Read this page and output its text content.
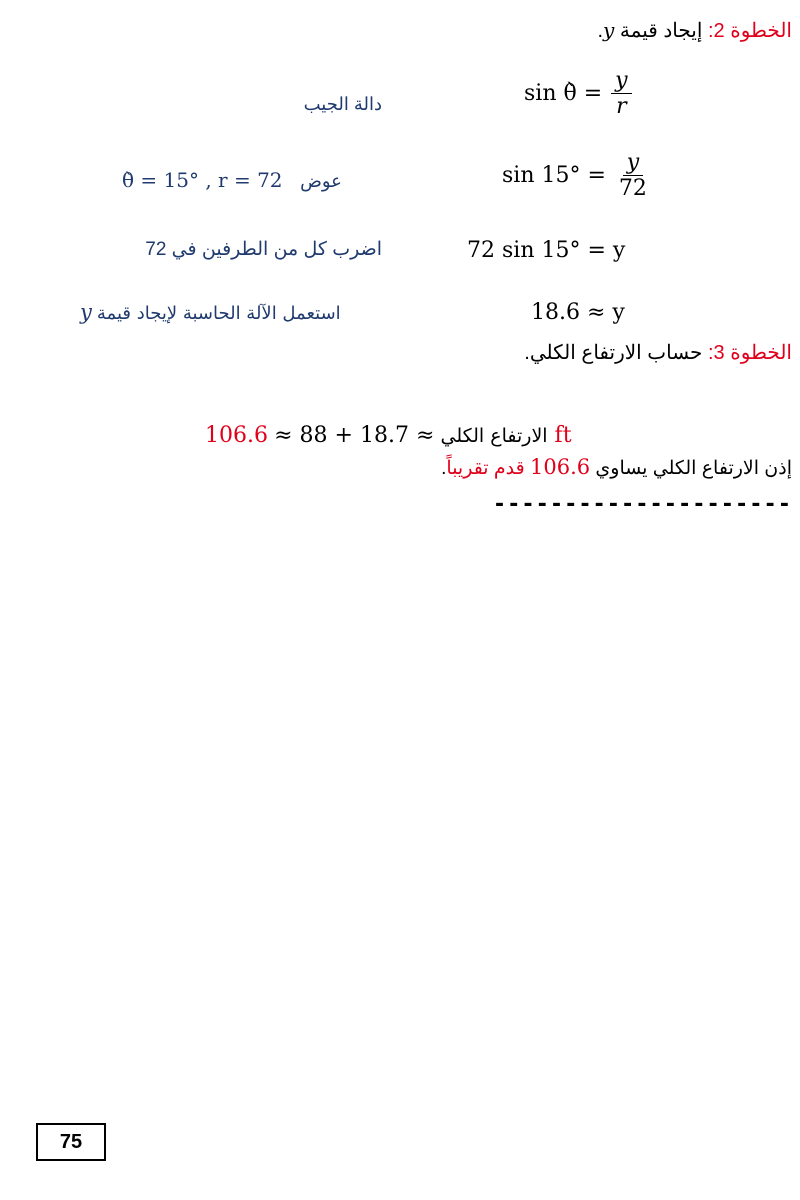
الخطوة 2: إيجاد قيمة y.
sin θ̀ = $\frac{y}{r}$
دالة الجيب
$\sin 15^\circ = \frac{y}{72}$
θ̀ = 15° , r = 72 عوض
72 sin 15° = y
اضرب كل من الطرفين في 72
18.6 ≈ y
استعمل الآلة الحاسبة لإيجاد قيمة y
الخطوة 3: حساب الارتفاع الكلي.
الارتفاع الكلي ≈ 18.7 + 88 ≈ 106.6 ft
إذن الارتفاع الكلي يساوي 106.6 قدم تقريباً.
---------------------
75
